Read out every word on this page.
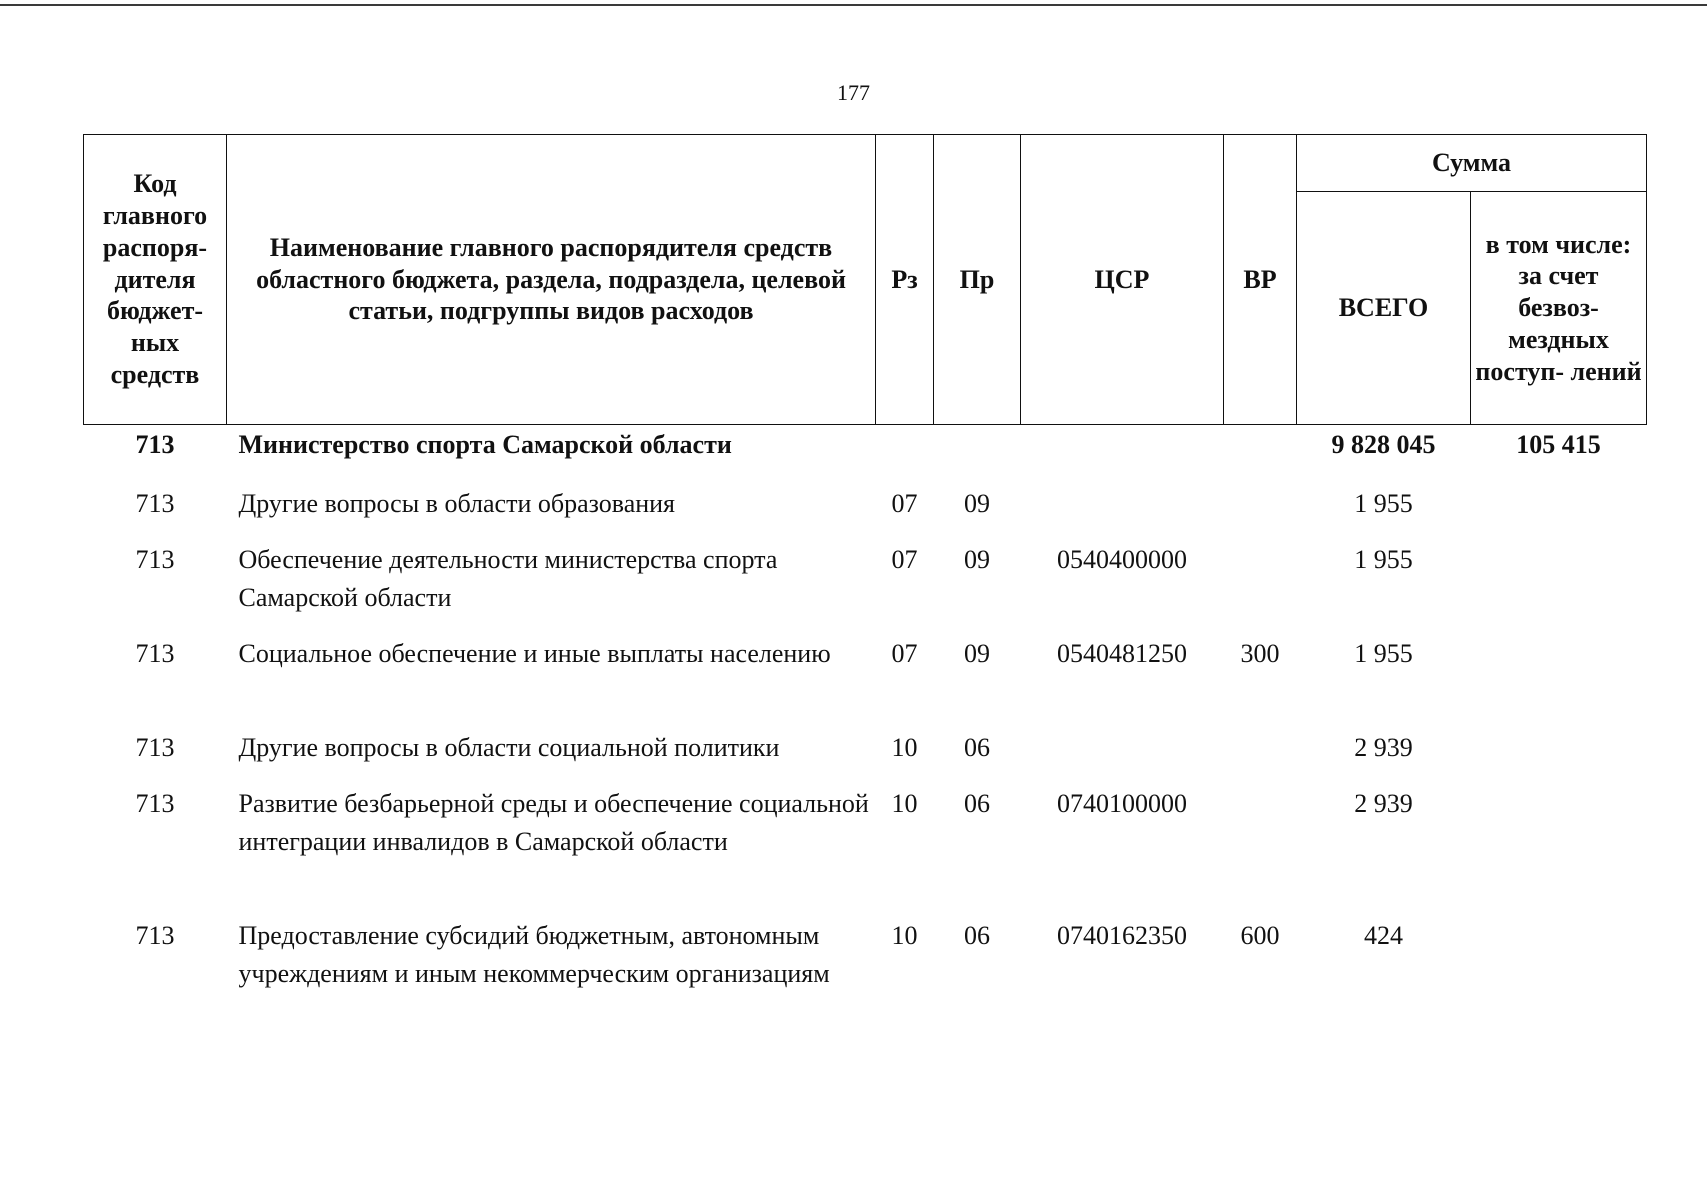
177
Код главного распоря- дителя бюджет- ных средств	Наименование главного распорядителя средств областного бюджета, раздела, подраздела, целевой статьи, подгруппы видов расходов	Рз	Пр	ЦСР	ВР	Сумма	
						ВСЕГО	в том числе: за счет безвоз- мездных поступ- лений
713	Министерство спорта Самарской области					9 828 045	105 415
713	Другие вопросы в области образования	07	09			1 955	
713	Обеспечение деятельности министерства спорта Самарской области	07	09	0540400000		1 955	
713	Социальное обеспечение и иные выплаты населению	07	09	0540481250	300	1 955	
713	Другие вопросы в области социальной политики	10	06			2 939	
713	Развитие безбарьерной среды и обеспечение социальной интеграции инвалидов в Самарской области	10	06	0740100000		2 939	
713	Предоставление субсидий бюджетным, автономным учреждениям и иным некоммерческим организациям	10	06	0740162350	600	424	
